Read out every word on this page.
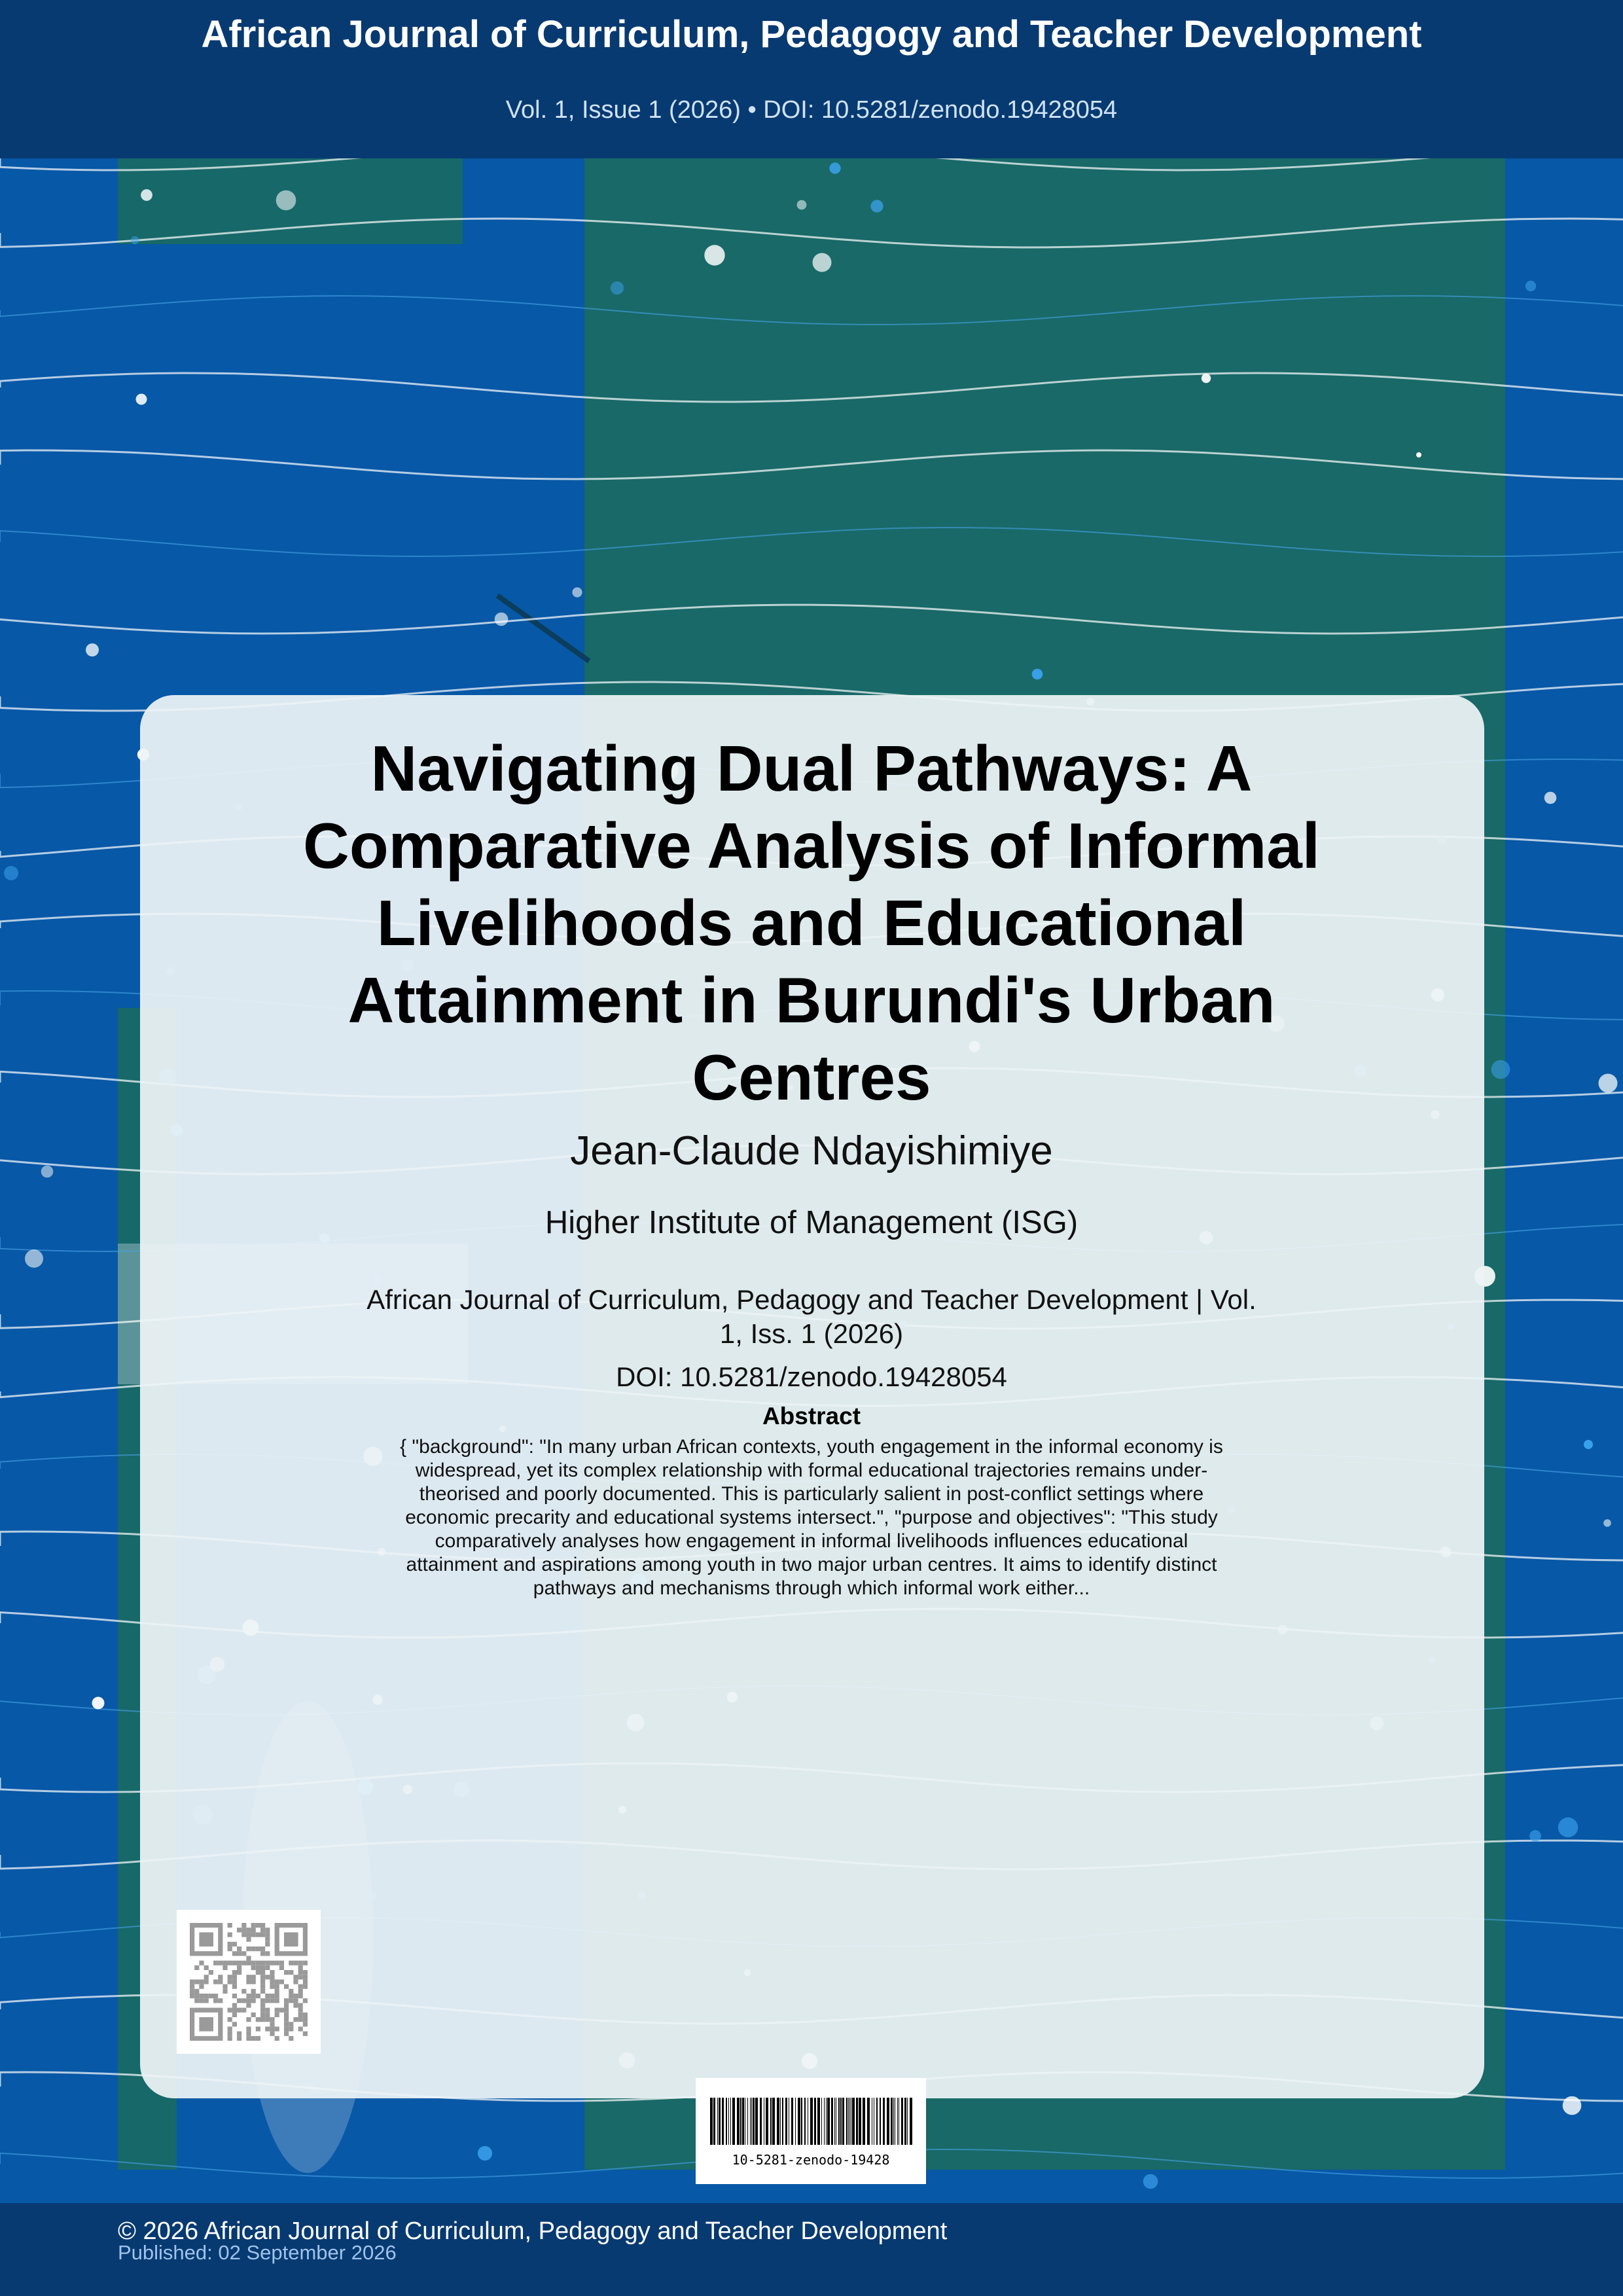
African Journal of Curriculum, Pedagogy and Teacher Development
Vol. 1, Issue 1 (2026) • DOI: 10.5281/zenodo.19428054
Navigating Dual Pathways: A Comparative Analysis of Informal Livelihoods and Educational Attainment in Burundi's Urban Centres
Jean-Claude Ndayishimiye
Higher Institute of Management (ISG)
African Journal of Curriculum, Pedagogy and Teacher Development | Vol. 1, Iss. 1 (2026)
DOI: 10.5281/zenodo.19428054
Abstract
{ "background": "In many urban African contexts, youth engagement in the informal economy is widespread, yet its complex relationship with formal educational trajectories remains under-theorised and poorly documented. This is particularly salient in post-conflict settings where economic precarity and educational systems intersect.", "purpose and objectives": "This study comparatively analyses how engagement in informal livelihoods influences educational attainment and aspirations among youth in two major urban centres. It aims to identify distinct pathways and mechanisms through which informal work either...
10-5281-zenodo-19428
© 2026 African Journal of Curriculum, Pedagogy and Teacher Development
Published: 02 September 2026
